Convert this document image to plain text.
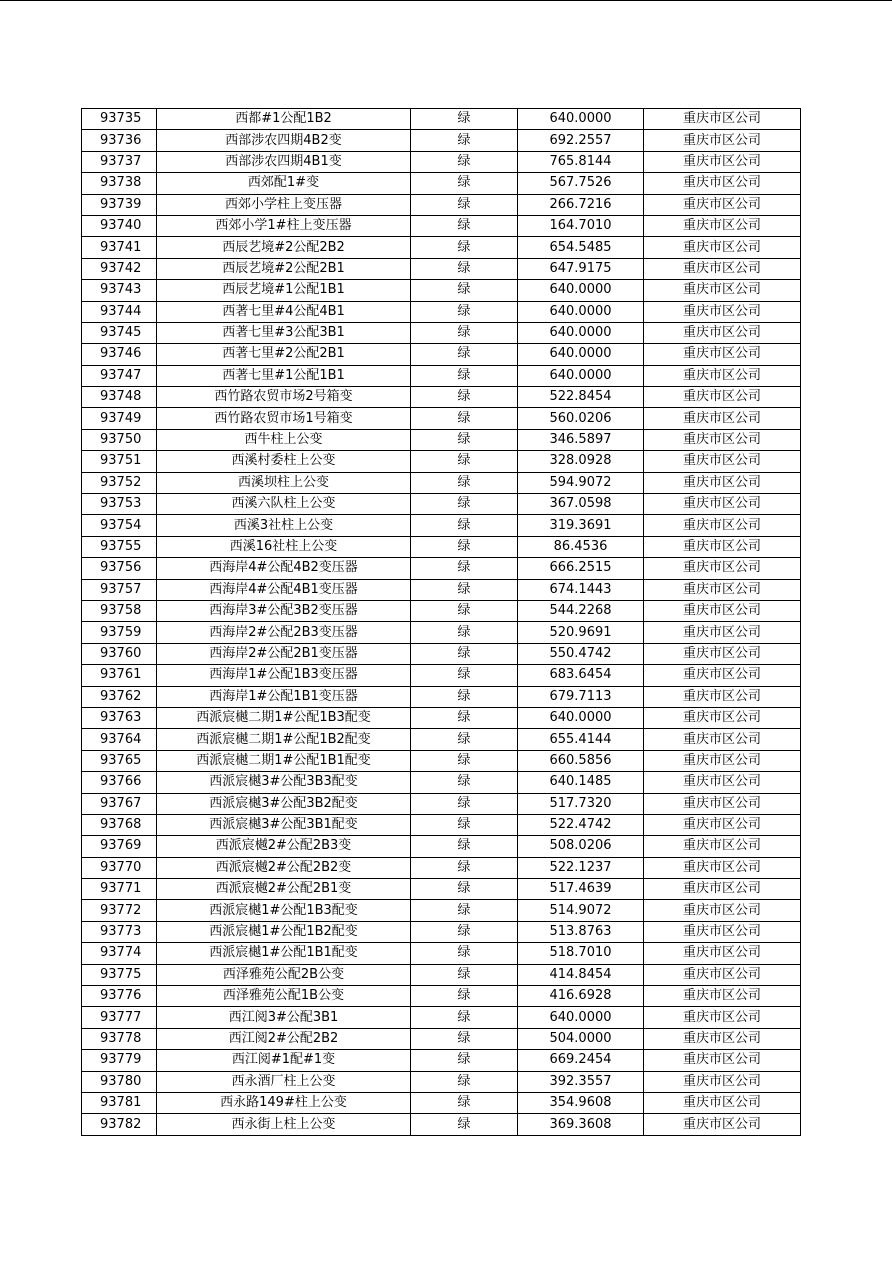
93735	西都#1公配1B2	绿	640.0000	重庆市区公司
93736	西部涉农四期4B2变	绿	692.2557	重庆市区公司
93737	西部涉农四期4B1变	绿	765.8144	重庆市区公司
93738	西郊配1#变	绿	567.7526	重庆市区公司
93739	西郊小学柱上变压器	绿	266.7216	重庆市区公司
93740	西郊小学1#柱上变压器	绿	164.7010	重庆市区公司
93741	西辰艺境#2公配2B2	绿	654.5485	重庆市区公司
93742	西辰艺境#2公配2B1	绿	647.9175	重庆市区公司
93743	西辰艺境#1公配1B1	绿	640.0000	重庆市区公司
93744	西著七里#4公配4B1	绿	640.0000	重庆市区公司
93745	西著七里#3公配3B1	绿	640.0000	重庆市区公司
93746	西著七里#2公配2B1	绿	640.0000	重庆市区公司
93747	西著七里#1公配1B1	绿	640.0000	重庆市区公司
93748	西竹路农贸市场2号箱变	绿	522.8454	重庆市区公司
93749	西竹路农贸市场1号箱变	绿	560.0206	重庆市区公司
93750	西牛柱上公变	绿	346.5897	重庆市区公司
93751	西溪村委柱上公变	绿	328.0928	重庆市区公司
93752	西溪坝柱上公变	绿	594.9072	重庆市区公司
93753	西溪六队柱上公变	绿	367.0598	重庆市区公司
93754	西溪3社柱上公变	绿	319.3691	重庆市区公司
93755	西溪16社柱上公变	绿	86.4536	重庆市区公司
93756	西海岸4#公配4B2变压器	绿	666.2515	重庆市区公司
93757	西海岸4#公配4B1变压器	绿	674.1443	重庆市区公司
93758	西海岸3#公配3B2变压器	绿	544.2268	重庆市区公司
93759	西海岸2#公配2B3变压器	绿	520.9691	重庆市区公司
93760	西海岸2#公配2B1变压器	绿	550.4742	重庆市区公司
93761	西海岸1#公配1B3变压器	绿	683.6454	重庆市区公司
93762	西海岸1#公配1B1变压器	绿	679.7113	重庆市区公司
93763	西派宸樾二期1#公配1B3配变	绿	640.0000	重庆市区公司
93764	西派宸樾二期1#公配1B2配变	绿	655.4144	重庆市区公司
93765	西派宸樾二期1#公配1B1配变	绿	660.5856	重庆市区公司
93766	西派宸樾3#公配3B3配变	绿	640.1485	重庆市区公司
93767	西派宸樾3#公配3B2配变	绿	517.7320	重庆市区公司
93768	西派宸樾3#公配3B1配变	绿	522.4742	重庆市区公司
93769	西派宸樾2#公配2B3变	绿	508.0206	重庆市区公司
93770	西派宸樾2#公配2B2变	绿	522.1237	重庆市区公司
93771	西派宸樾2#公配2B1变	绿	517.4639	重庆市区公司
93772	西派宸樾1#公配1B3配变	绿	514.9072	重庆市区公司
93773	西派宸樾1#公配1B2配变	绿	513.8763	重庆市区公司
93774	西派宸樾1#公配1B1配变	绿	518.7010	重庆市区公司
93775	西泽雅苑公配2B公变	绿	414.8454	重庆市区公司
93776	西泽雅苑公配1B公变	绿	416.6928	重庆市区公司
93777	西江阅3#公配3B1	绿	640.0000	重庆市区公司
93778	西江阅2#公配2B2	绿	504.0000	重庆市区公司
93779	西江阅#1配#1变	绿	669.2454	重庆市区公司
93780	西永酒厂柱上公变	绿	392.3557	重庆市区公司
93781	西永路149#柱上公变	绿	354.9608	重庆市区公司
93782	西永街上柱上公变	绿	369.3608	重庆市区公司
